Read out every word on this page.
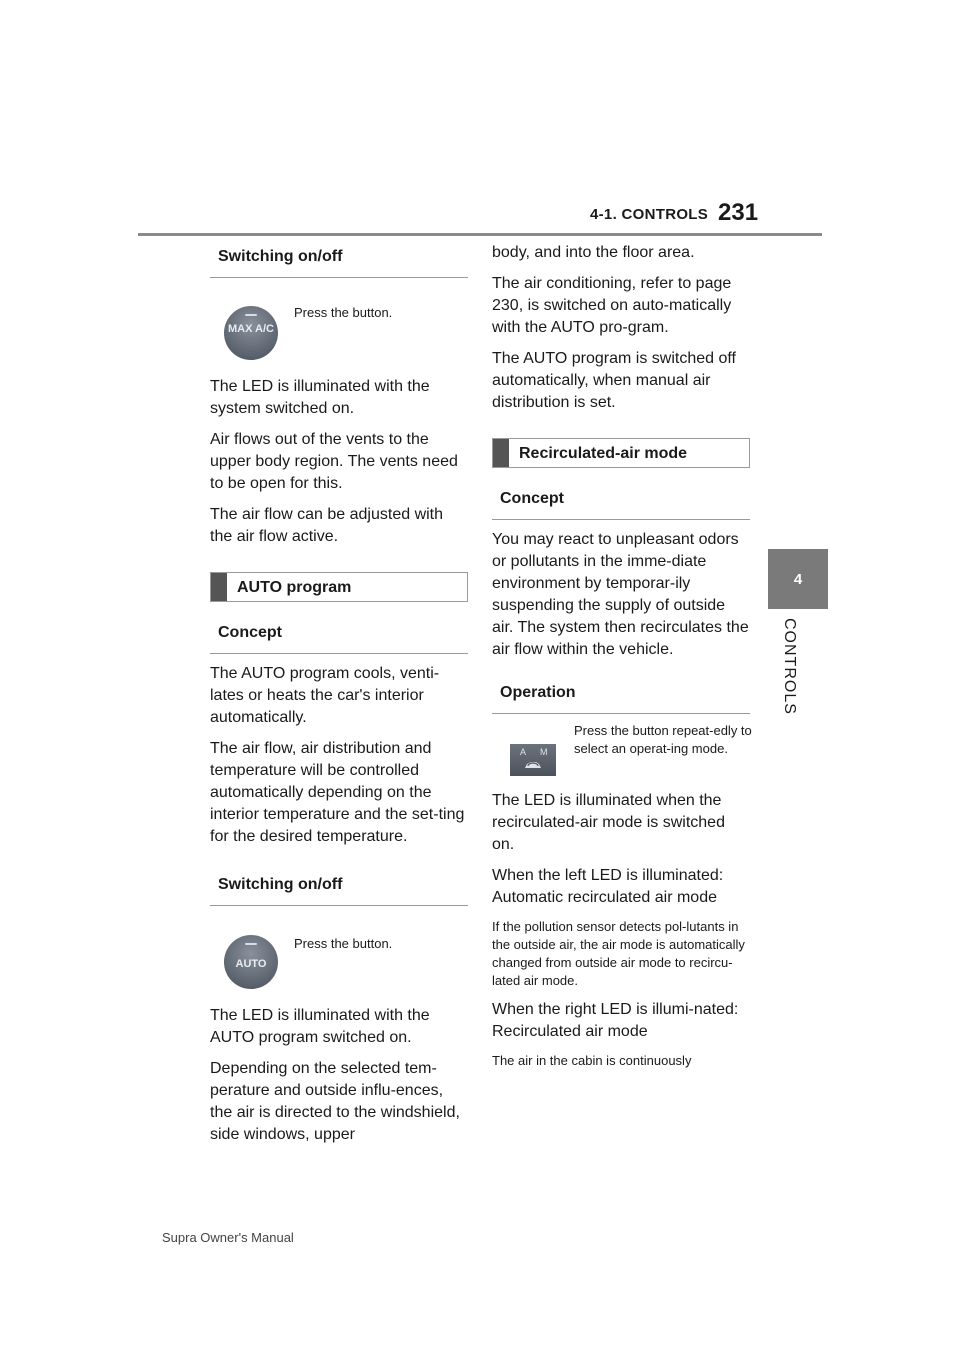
4-1. CONTROLS 231
4
CONTROLS
Switching on/off
MAX A/C
Press the button.

The LED is illuminated with the system switched on.

Air flows out of the vents to the upper body region. The vents need to be open for this.

The air flow can be adjusted with the air flow active.

AUTO program
Concept

The AUTO program cools, venti-lates or heats the car's interior automatically.

The air flow, air distribution and temperature will be controlled automatically depending on the interior temperature and the set-ting for the desired temperature.

Switching on/off
AUTO
Press the button.

The LED is illuminated with the AUTO program switched on.

Depending on the selected tem-perature and outside influ-ences, the air is directed to the windshield, side windows, upper

body, and into the floor area.

The air conditioning, refer to page 230, is switched on auto-matically with the AUTO pro-gram.

The AUTO program is switched off automatically, when manual air distribution is set.

Recirculated-air mode
Concept

You may react to unpleasant odors or pollutants in the imme-diate environment by temporar-ily suspending the supply of outside air. The system then recirculates the air flow within the vehicle.

Operation
A M
Press the button repeat-edly to select an operat-ing mode.

The LED is illuminated when the recirculated-air mode is switched on.

When the left LED is illuminated: Automatic recirculated air mode

If the pollution sensor detects pol-lutants in the outside air, the air mode is automatically changed from outside air mode to recircu-lated air mode.

When the right LED is illumi-nated: Recirculated air mode

The air in the cabin is continuously

Supra Owner's Manual
